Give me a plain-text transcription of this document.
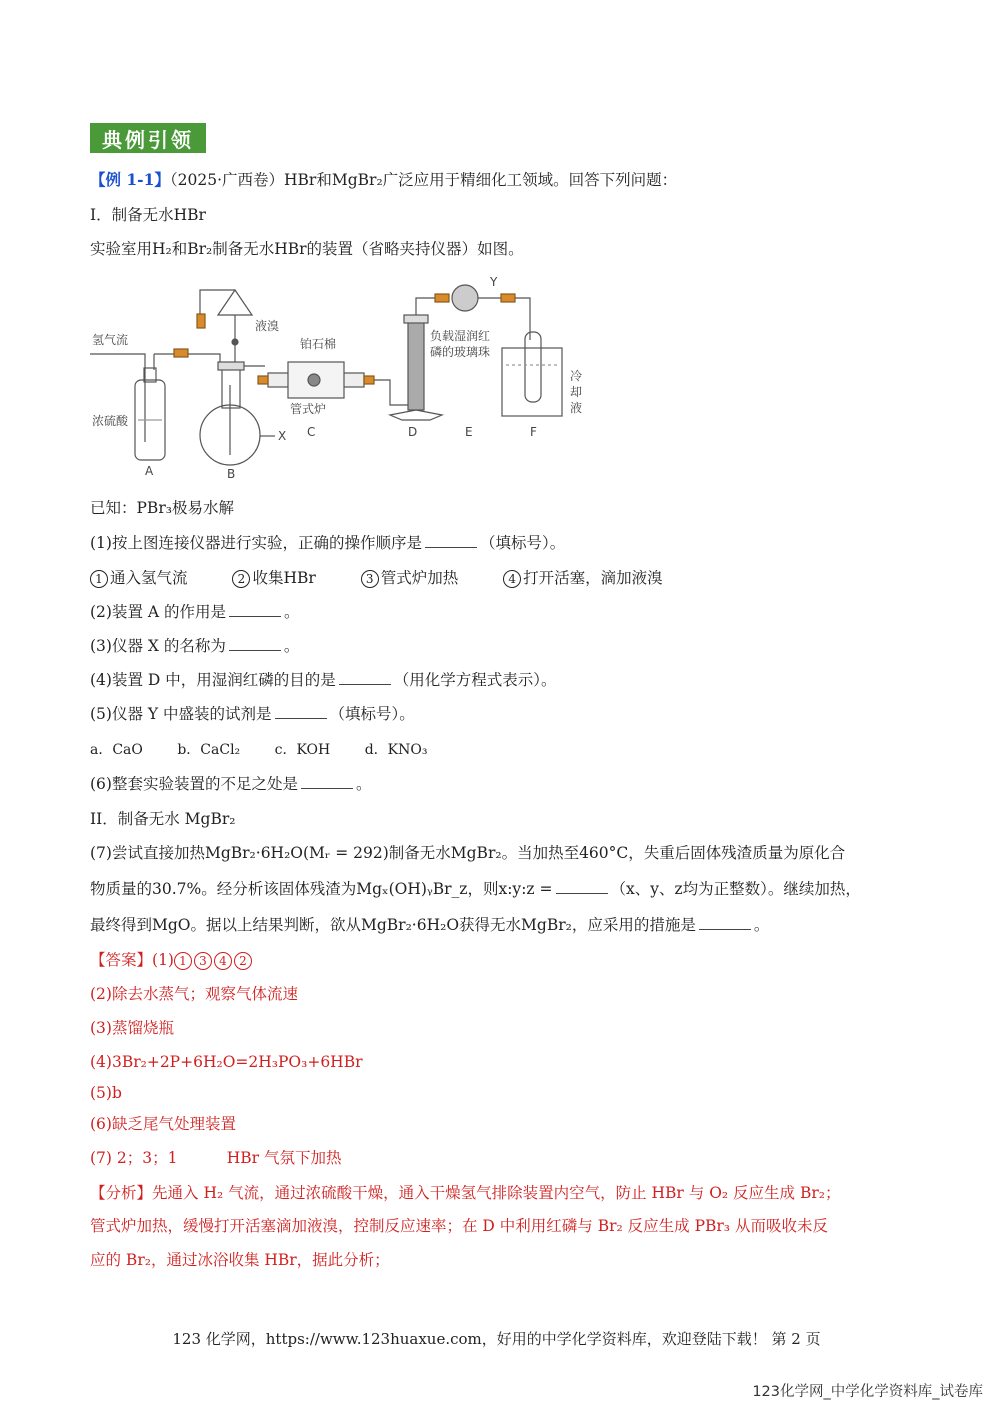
典例引领
【例 1-1】（2025·广西卷）HBr和MgBr₂广泛应用于精细化工领域。回答下列问题：
I．制备无水HBr
实验室用H₂和Br₂制备无水HBr的装置（省略夹持仪器）如图。
氢气流
浓硫酸
液溴
铂石棉
管式炉
负载湿润红
磷的玻璃珠
冷
却
液
X
Y
A	B
C	D	E	F
已知：PBr₃极易水解
(1)按上图连接仪器进行实验，正确的操作顺序是	（填标号）。
1 通入氢气流	2 收集HBr	3 管式炉加热	4 打开活塞，滴加液溴
(2)装置 A 的作用是	。
(3)仪器 X 的名称为	。
(4)装置 D 中，用湿润红磷的目的是	（用化学方程式表示）。
(5)仪器 Y 中盛装的试剂是	（填标号）。
a．CaO b．CaCl₂ c．KOH d．KNO₃
(6)整套实验装置的不足之处是	。
II．制备无水 MgBr₂
(7)尝试直接加热MgBr₂·6H₂O(Mᵣ = 292)制备无水MgBr₂。当加热至460°C，失重后固体残渣质量为原化合
物质量的30.7%。经分析该固体残渣为Mgₓ(OH)ᵧBr_z，则x:y:z =	（x、y、z均为正整数）。继续加热，
最终得到MgO。据以上结果判断，欲从MgBr₂·6H₂O获得无水MgBr₂，应采用的措施是	。
【答案】(1) 1 3 4 2
(2)除去水蒸气；观察气体流速
(3)蒸馏烧瓶
(4)3Br₂+2P+6H₂O=2H₃PO₃+6HBr
(5)b
(6)缺乏尾气处理装置
(7) 2；3；1          HBr 气氛下加热
【分析】先通入 H₂ 气流，通过浓硫酸干燥，通入干燥氢气排除装置内空气，防止 HBr 与 O₂ 反应生成 Br₂；
管式炉加热，缓慢打开活塞滴加液溴，控制反应速率；在 D 中利用红磷与 Br₂ 反应生成 PBr₃ 从而吸收未反
应的 Br₂，通过冰浴收集 HBr，据此分析；
123 化学网，https://www.123huaxue.com，好用的中学化学资料库，欢迎登陆下载！ 第 2 页
123化学网_中学化学资料库_试卷库
